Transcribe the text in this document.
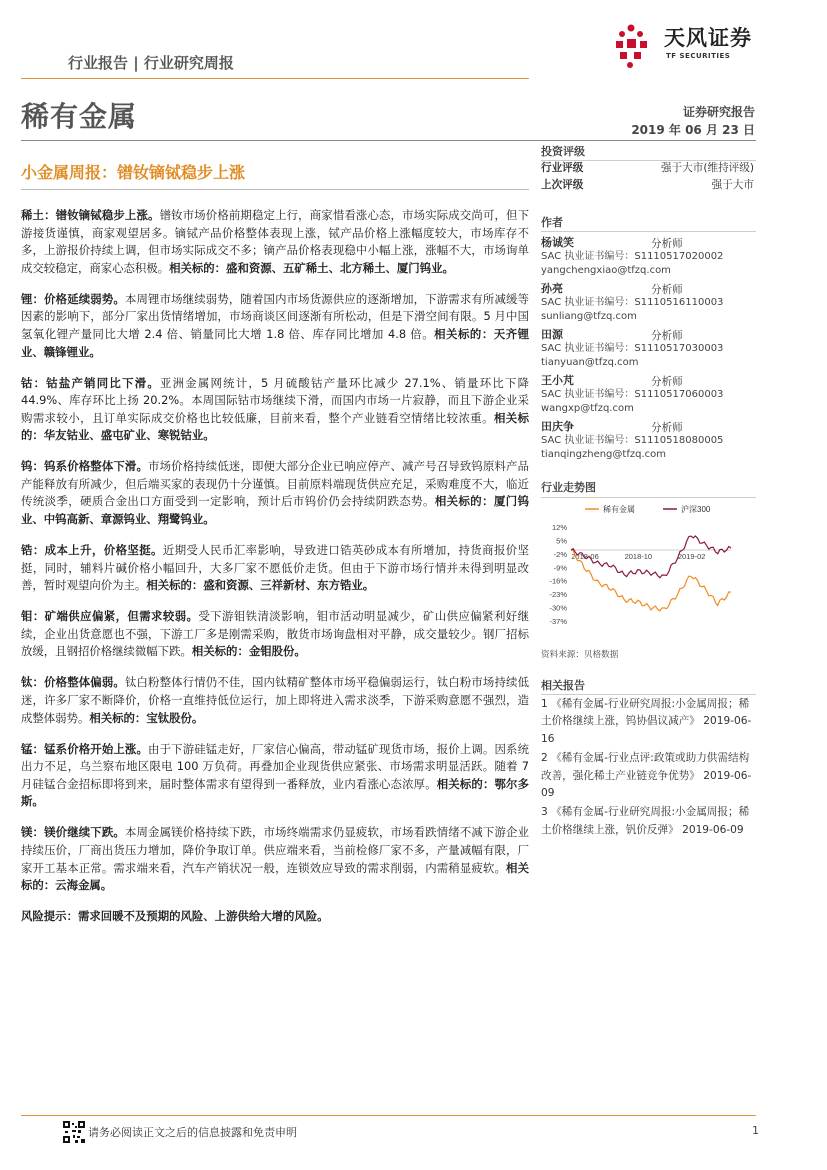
行业报告 | 行业研究周报
天风证券
TF SECURITIES
稀有金属	证券研究报告
2019 年 06 月 23 日
小金属周报：镨钕镝铽稳步上涨

稀土：镨钕镝铽稳步上涨。镨钕市场价格前期稳定上行，商家惜看涨心态，市场实际成交尚可，但下游接货谨慎，商家观望居多。镝铽产品价格整体表现上涨，铽产品价格上涨幅度较大，市场库存不多，上游报价持续上调，但市场实际成交不多；镝产品价格表现稳中小幅上涨，涨幅不大，市场询单成交较稳定，商家心态积极。相关标的：盛和资源、五矿稀土、北方稀土、厦门钨业。

锂：价格延续弱势。本周锂市场继续弱势，随着国内市场货源供应的逐渐增加，下游需求有所减缓等因素的影响下，部分厂家出货情绪增加，市场商谈区间逐渐有所松动，但是下滑空间有限。5 月中国氢氧化锂产量同比大增 2.4 倍、销量同比大增 1.8 倍、库存同比增加 4.8 倍。相关标的：天齐锂业、赣锋锂业。

钴：钴盐产销同比下滑。亚洲金属网统计，5 月硫酸钴产量环比减少 27.1%、销量环比下降 44.9%、库存环比上扬 20.2%。本周国际钴市场继续下滑，而国内市场一片寂静，而且下游企业采购需求较小，且订单实际成交价格也比较低廉，目前来看，整个产业链看空情绪比较浓重。相关标的：华友钴业、盛屯矿业、寒锐钴业。

钨：钨系价格整体下滑。市场价格持续低迷，即便大部分企业已响应停产、减产号召导致钨原料产品产能释放有所减少，但后端买家的表现仍十分谨慎。目前原料端现货供应充足，采购难度不大，临近传统淡季，硬质合金出口方面受到一定影响，预计后市钨价仍会持续阴跌态势。相关标的：厦门钨业、中钨高新、章源钨业、翔鹭钨业。

锆：成本上升，价格坚挺。近期受人民币汇率影响，导致进口锆英砂成本有所增加，持货商报价坚挺，同时，辅料片碱价格小幅回升，大多厂家不愿低价走货。但由于下游市场行情并未得到明显改善，暂时观望向价为主。相关标的：盛和资源、三祥新材、东方锆业。

钼：矿端供应偏紧，但需求较弱。受下游钼铁清淡影响，钼市活动明显减少，矿山供应偏紧利好继续，企业出货意愿也不强，下游工厂多是刚需采购，散货市场询盘相对平静，成交量较少。钢厂招标放缓，且钢招价格继续微幅下跌。相关标的：金钼股份。

钛：价格整体偏弱。钛白粉整体行情仍不佳，国内钛精矿整体市场平稳偏弱运行，钛白粉市场持续低迷，许多厂家不断降价，价格一直维持低位运行，加上即将进入需求淡季，下游采购意愿不强烈，造成整体弱势。相关标的：宝钛股份。

锰：锰系价格开始上涨。由于下游硅锰走好，厂家信心偏高，带动锰矿现货市场，报价上调。因系统出力不足，乌兰察布地区限电 100 万负荷。再叠加企业现货供应紧张、市场需求明显活跃。随着 7 月硅锰合金招标即将到来，届时整体需求有望得到一番释放，业内看涨心态浓厚。相关标的：鄂尔多斯。

镁：镁价继续下跌。本周金属镁价格持续下跌，市场终端需求仍显疲软，市场看跌情绪不减下游企业持续压价，厂商出货压力增加，降价争取订单。供应端来看，当前检修厂家不多，产量减幅有限，厂家开工基本正常。需求端来看，汽车产销状况一般，连锁效应导致的需求削弱，内需稍显疲软。相关标的：云海金属。

风险提示：需求回暖不及预期的风险、上游供给大增的风险。

投资评级
行业评级	强于大市(维持评级)
上次评级	强于大市
作者
杨诚笑	分析师
SAC 执业证书编号：S1110517020002
yangchengxiao@tfzq.com
孙亮	分析师
SAC 执业证书编号：S1110516110003
sunliang@tfzq.com
田源	分析师
SAC 执业证书编号：S1110517030003
tianyuan@tfzq.com
王小芃	分析师
SAC 执业证书编号：S1110517060003
wangxp@tfzq.com
田庆争	分析师
SAC 执业证书编号：S1110518080005
tianqingzheng@tfzq.com
行业走势图
稀有金属	沪深300
12%
5%
-2%
-9%
-16%
-23%
-30%
-37%
2018-06	2018-10	2019-02
资料来源：贝格数据
相关报告

1 《稀有金属-行业研究周报:小金属周报；稀土价格继续上涨，钨协倡议减产》 2019-06-16

2 《稀有金属-行业点评:政策或助力供需结构改善，强化稀土产业链竞争优势》 2019-06-09

3 《稀有金属-行业研究周报:小金属周报；稀土价格继续上涨，钒价反弹》 2019-06-09

请务必阅读正文之后的信息披露和免责申明	1
